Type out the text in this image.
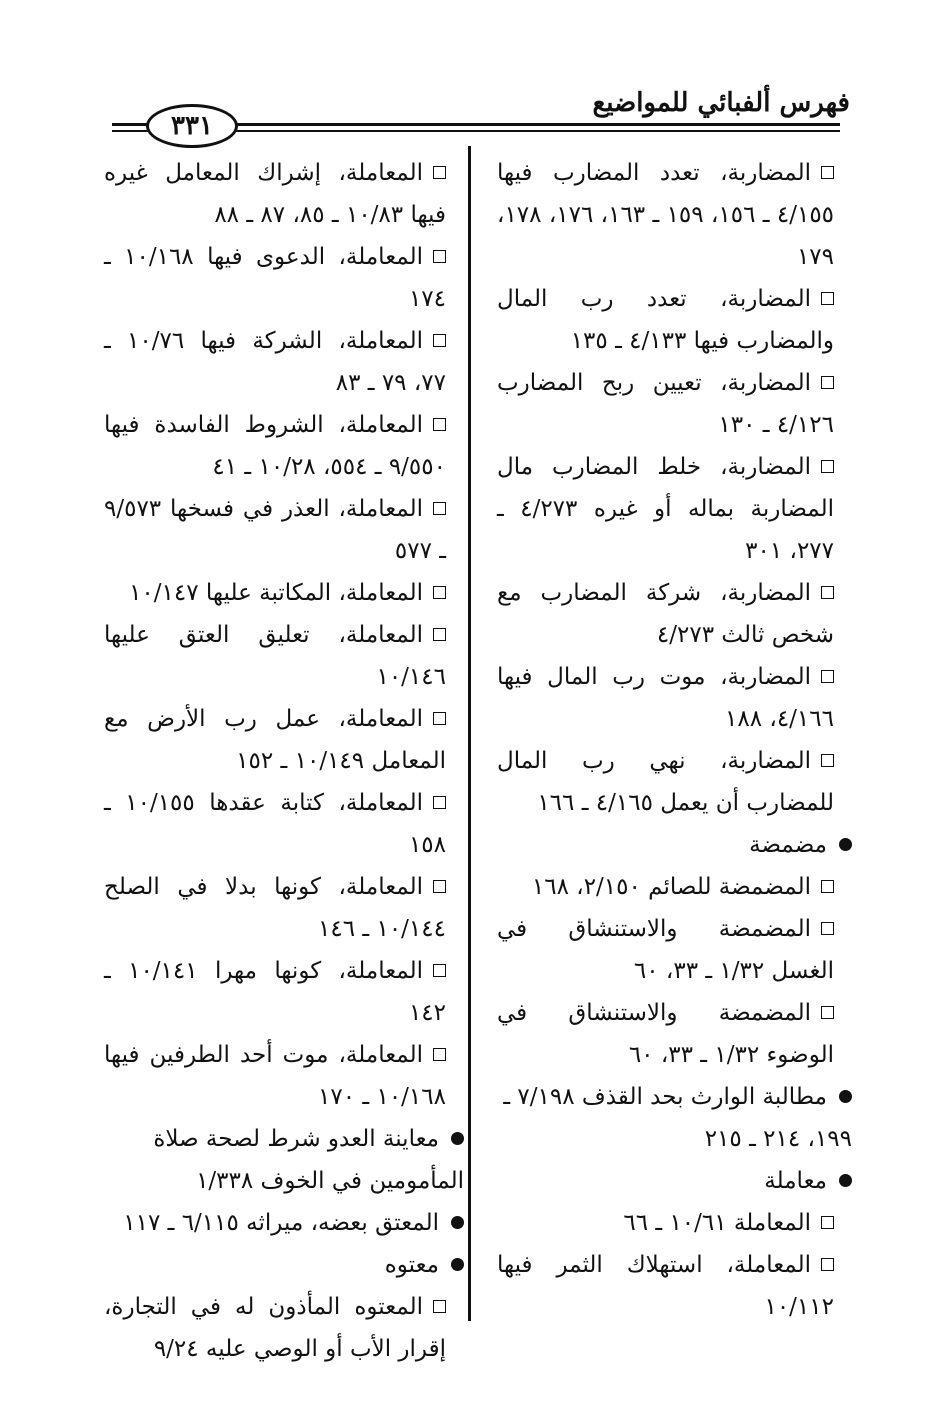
فهرس ألفبائي للمواضيع
٣٣١
المضاربة، تعدد المضارب فيها ٤/١٥٥ ـ ١٥٦، ١٥٩ ـ ١٦٣، ١٧٦، ١٧٨، ١٧٩
المضاربة، تعدد رب المال والمضارب فيها ٤/١٣٣ ـ ١٣٥
المضاربة، تعيين ربح المضارب ٤/١٢٦ ـ ١٣٠
المضاربة، خلط المضارب مال المضاربة بماله أو غيره ٤/٢٧٣ ـ ٢٧٧، ٣٠١
المضاربة، شركة المضارب مع شخص ثالث ٤/٢٧٣
المضاربة، موت رب المال فيها ٤/١٦٦، ١٨٨
المضاربة، نهي رب المال للمضارب أن يعمل ٤/١٦٥ ـ ١٦٦
مضمضة
المضمضة للصائم ٢/١٥٠، ١٦٨
المضمضة والاستنشاق في الغسل ١/٣٢ ـ ٣٣، ٦٠
المضمضة والاستنشاق في الوضوء ١/٣٢ ـ ٣٣، ٦٠
مطالبة الوارث بحد القذف ٧/١٩٨ ـ ١٩٩، ٢١٤ ـ ٢١٥
معاملة
المعاملة ١٠/٦١ ـ ٦٦
المعاملة، استهلاك الثمر فيها ١٠/١١٢
المعاملة، إشراك المعامل غيره فيها ١٠/٨٣ ـ ٨٥، ٨٧ ـ ٨٨
المعاملة، الدعوى فيها ١٠/١٦٨ ـ ١٧٤
المعاملة، الشركة فيها ١٠/٧٦ ـ ٧٧، ٧٩ ـ ٨٣
المعاملة، الشروط الفاسدة فيها ٩/٥٥٠ ـ ٥٥٤، ١٠/٢٨ ـ ٤١
المعاملة، العذر في فسخها ٩/٥٧٣ ـ ٥٧٧
المعاملة، المكاتبة عليها ١٠/١٤٧
المعاملة، تعليق العتق عليها ١٠/١٤٦
المعاملة، عمل رب الأرض مع المعامل ١٠/١٤٩ ـ ١٥٢
المعاملة، كتابة عقدها ١٠/١٥٥ ـ ١٥٨
المعاملة، كونها بدلا في الصلح ١٠/١٤٤ ـ ١٤٦
المعاملة، كونها مهرا ١٠/١٤١ ـ ١٤٢
المعاملة، موت أحد الطرفين فيها ١٠/١٦٨ ـ ١٧٠
معاينة العدو شرط لصحة صلاة المأمومين في الخوف ١/٣٣٨
المعتق بعضه، ميراثه ٦/١١٥ ـ ١١٧
معتوه
المعتوه المأذون له في التجارة، إقرار الأب أو الوصي عليه ٩/٢٤
